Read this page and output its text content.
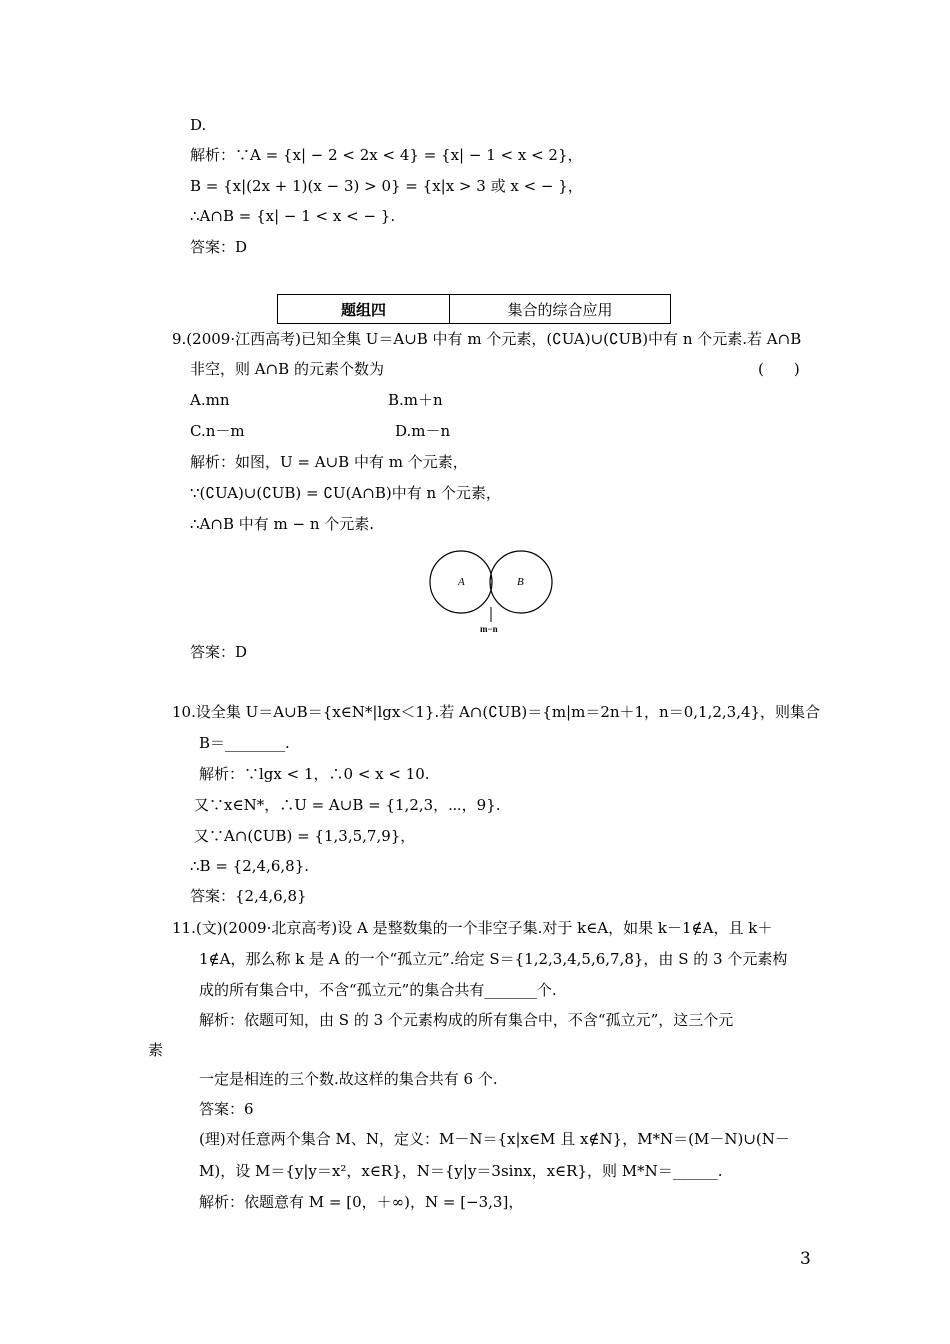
D.
解析：∵A = {x| − 2 < 2x < 4} = {x| − 1 < x < 2}，
B = {x|(2x + 1)(x − 3) > 0} = {x|x > 3 或 x < − }，
∴A∩B = {x| − 1 < x < − }.
答案：D
题组四	集合的综合应用
9.(2009·江西高考)已知全集 U＝A∪B 中有 m 个元素，(∁UA)∪(∁UB)中有 n 个元素.若 A∩B
非空，则 A∩B 的元素个数为	(　　)
A.mn	B.m＋n
C.n－m	D.m－n
解析：如图，U = A∪B 中有 m 个元素，
∵(∁UA)∪(∁UB) = ∁U(A∩B)中有 n 个元素，
∴A∩B 中有 m − n 个元素.
A	B
m−n
答案：D
10.设全集 U＝A∪B＝{x∈N*|lgx＜1}.若 A∩(∁UB)＝{m|m＝2n＋1，n＝0,1,2,3,4}，则集合
B＝________.
解析：∵lgx < 1，∴0 < x < 10.
又∵x∈N*，∴U = A∪B = {1,2,3，⋯，9}.
又∵A∩(∁UB) = {1,3,5,7,9}，
∴B = {2,4,6,8}.
答案：{2,4,6,8}
11.(文)(2009·北京高考)设 A 是整数集的一个非空子集.对于 k∈A，如果 k－1∉A，且 k＋
1∉A，那么称 k 是 A 的一个“孤立元”.给定 S＝{1,2,3,4,5,6,7,8}，由 S 的 3 个元素构
成的所有集合中，不含“孤立元”的集合共有_______个.
解析：依题可知，由 S 的 3 个元素构成的所有集合中，不含“孤立元”，这三个元
素
一定是相连的三个数.故这样的集合共有 6 个.
答案：6
(理)对任意两个集合 M、N，定义：M－N＝{x|x∈M 且 x∉N}，M*N＝(M－N)∪(N－
M)，设 M＝{y|y＝x²，x∈R}，N＝{y|y＝3sinx，x∈R}，则 M*N＝______.
解析：依题意有 M = [0，＋∞)，N = [−3,3]，
3
